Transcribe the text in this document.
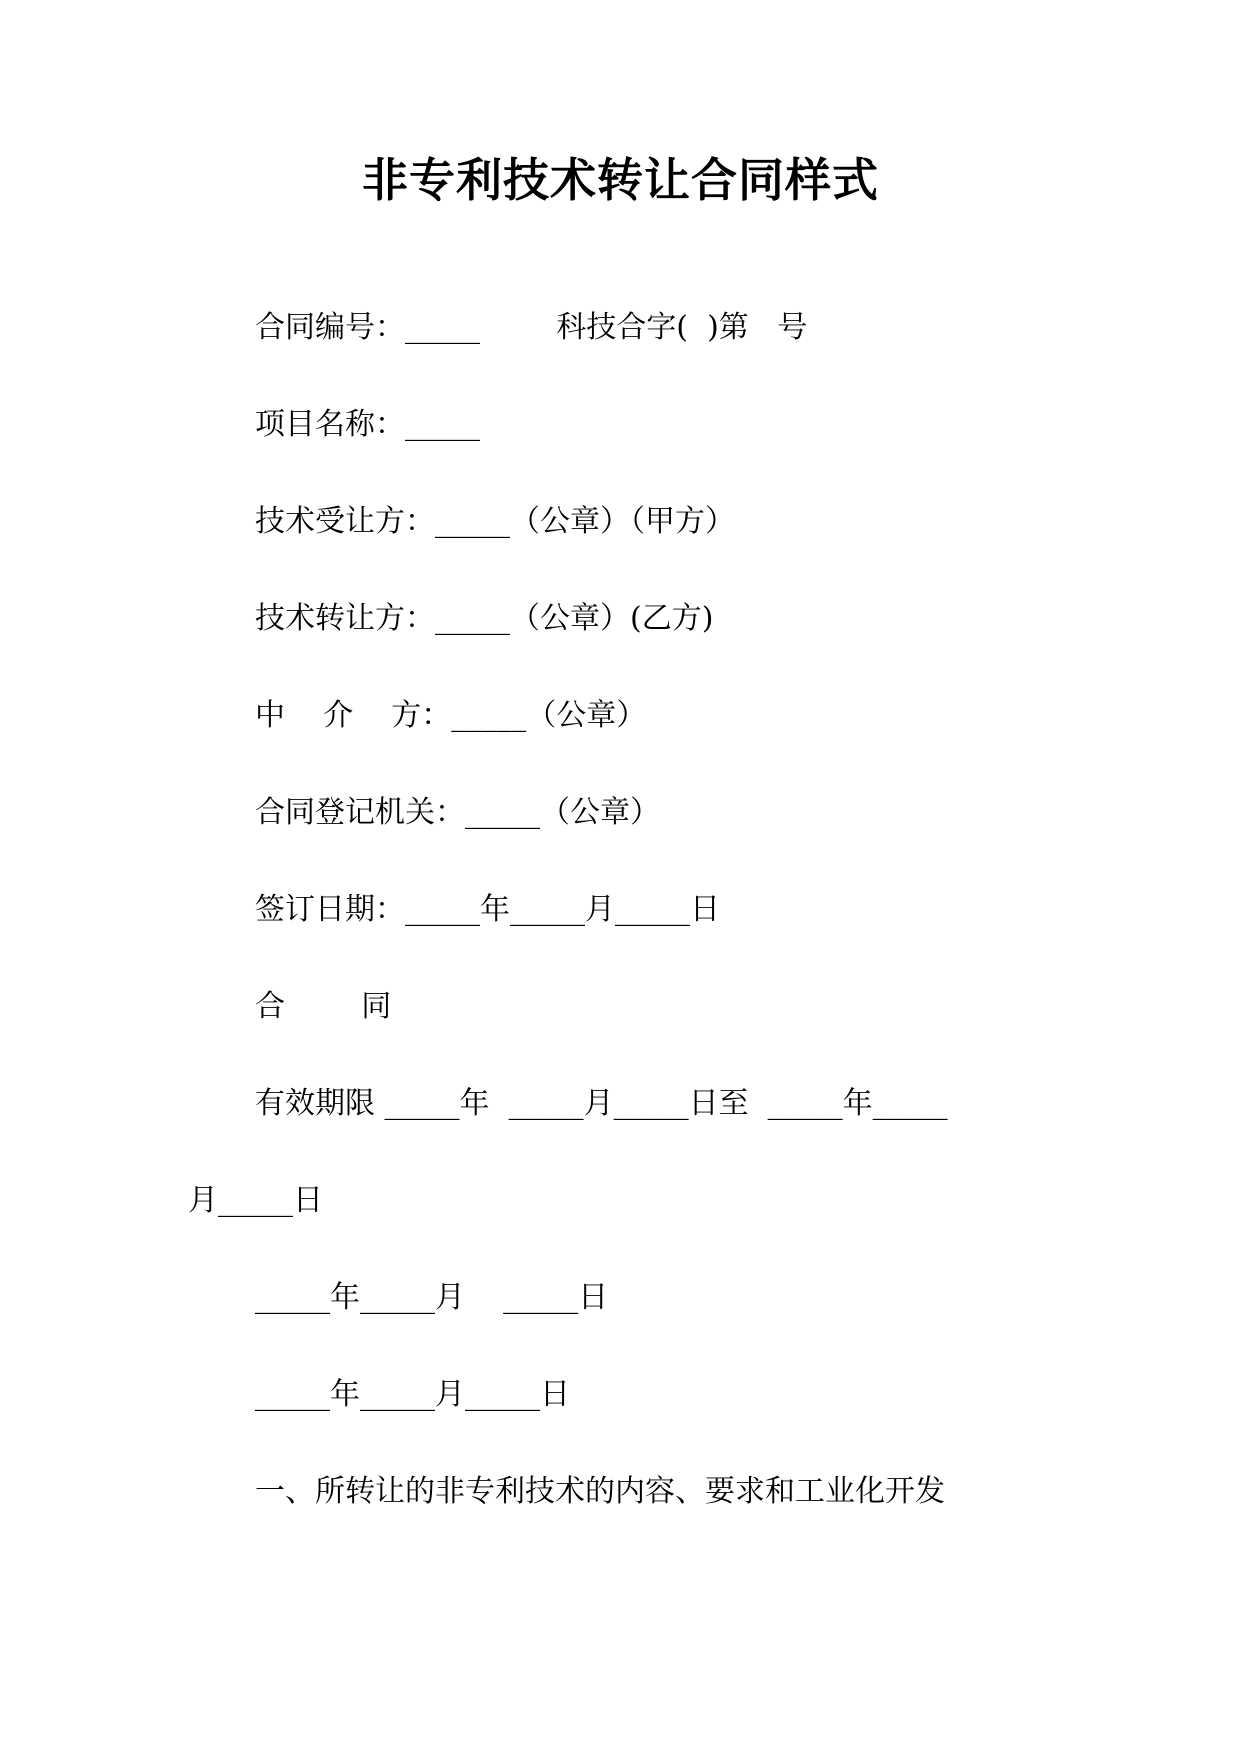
非专利技术转让合同样式
合同编号：_____        科技合字(  )第   号
项目名称：_____
技术受让方：_____（公章）（甲方）
技术转让方：_____（公章）(乙方)
中    介    方：_____（公章）
合同登记机关：_____（公章）
签订日期：_____年_____月_____日
合        同
有效期限 _____年  _____月_____日至  _____年_____
月_____日
_____年_____月    _____日
_____年_____月_____日
一、所转让的非专利技术的内容、要求和工业化开发
